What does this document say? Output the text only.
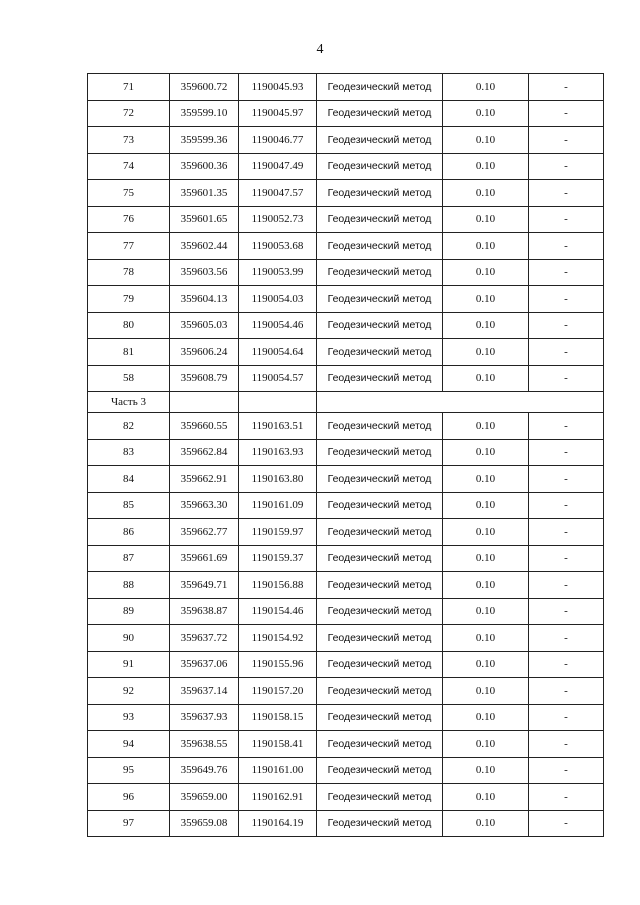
4
71	359600.72	1190045.93	Геодезический метод	0.10	-
72	359599.10	1190045.97	Геодезический метод	0.10	-
73	359599.36	1190046.77	Геодезический метод	0.10	-
74	359600.36	1190047.49	Геодезический метод	0.10	-
75	359601.35	1190047.57	Геодезический метод	0.10	-
76	359601.65	1190052.73	Геодезический метод	0.10	-
77	359602.44	1190053.68	Геодезический метод	0.10	-
78	359603.56	1190053.99	Геодезический метод	0.10	-
79	359604.13	1190054.03	Геодезический метод	0.10	-
80	359605.03	1190054.46	Геодезический метод	0.10	-
81	359606.24	1190054.64	Геодезический метод	0.10	-
58	359608.79	1190054.57	Геодезический метод	0.10	-
Часть 3					
82	359660.55	1190163.51	Геодезический метод	0.10	-
83	359662.84	1190163.93	Геодезический метод	0.10	-
84	359662.91	1190163.80	Геодезический метод	0.10	-
85	359663.30	1190161.09	Геодезический метод	0.10	-
86	359662.77	1190159.97	Геодезический метод	0.10	-
87	359661.69	1190159.37	Геодезический метод	0.10	-
88	359649.71	1190156.88	Геодезический метод	0.10	-
89	359638.87	1190154.46	Геодезический метод	0.10	-
90	359637.72	1190154.92	Геодезический метод	0.10	-
91	359637.06	1190155.96	Геодезический метод	0.10	-
92	359637.14	1190157.20	Геодезический метод	0.10	-
93	359637.93	1190158.15	Геодезический метод	0.10	-
94	359638.55	1190158.41	Геодезический метод	0.10	-
95	359649.76	1190161.00	Геодезический метод	0.10	-
96	359659.00	1190162.91	Геодезический метод	0.10	-
97	359659.08	1190164.19	Геодезический метод	0.10	-
